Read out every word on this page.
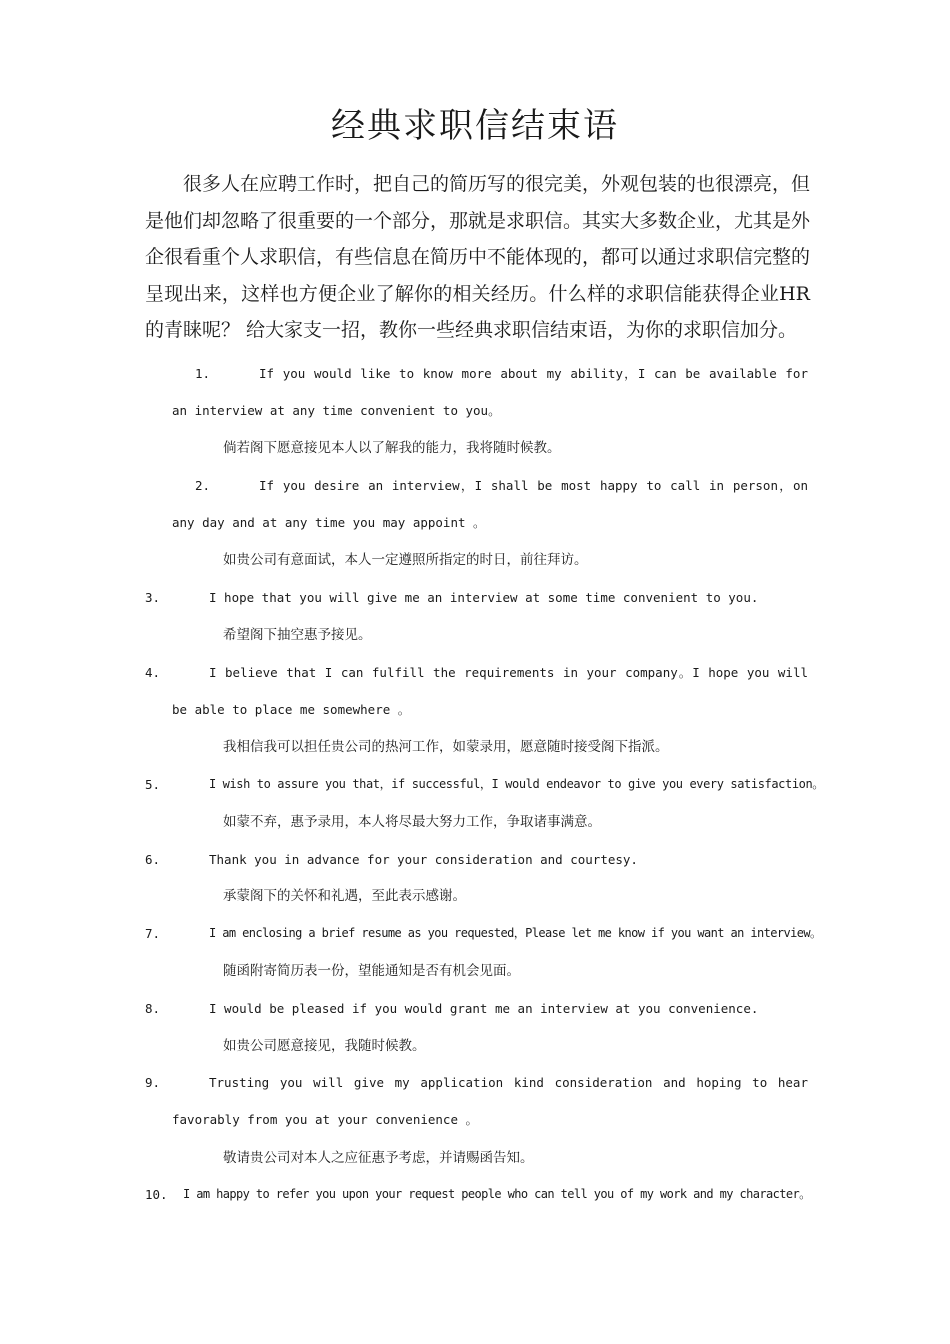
经典求职信结束语

很多人在应聘工作时，把自己的简历写的很完美，外观包装的也很漂亮，但是他们却忽略了很重要的一个部分，那就是求职信。其实大多数企业，尤其是外企很看重个人求职信，有些信息在简历中不能体现的，都可以通过求职信完整的呈现出来，这样也方便企业了解你的相关经历。什么样的求职信能获得企业HR的青睐呢？ 给大家支一招，教你一些经典求职信结束语，为你的求职信加分。

1.	If you would like to know more about my ability，I can be available for an interview at any time convenient to you。

倘若阁下愿意接见本人以了解我的能力，我将随时候教。

2.	If you desire an interview，I shall be most happy to call in person，on any day and at any time you may appoint 。

如贵公司有意面试，本人一定遵照所指定的时日，前往拜访。

3.	I hope that you will give me an interview at some time convenient to you.

希望阁下抽空惠予接见。

4.	I believe that I can fulfill the requirements in your company。I hope you will be able to place me somewhere 。

我相信我可以担任贵公司的热河工作，如蒙录用，愿意随时接受阁下指派。

5.	I wish to assure you that，if successful，I would endeavor to give you every satisfaction。

如蒙不弃，惠予录用，本人将尽最大努力工作，争取诸事满意。

6.	Thank you in advance for your consideration and courtesy.

承蒙阁下的关怀和礼遇，至此表示感谢。

7.	I am enclosing a brief resume as you requested，Please let me know if you want an interview。

随函附寄简历表一份，望能通知是否有机会见面。

8.	I would be pleased if you would grant me an interview at you convenience.

如贵公司愿意接见，我随时候教。

9.	Trusting you will give my application kind consideration and hoping to hear favorably from you at your convenience 。

敬请贵公司对本人之应征惠予考虑，并请赐函告知。

10. I am happy to refer you upon your request people who can tell you of my work and my character。
